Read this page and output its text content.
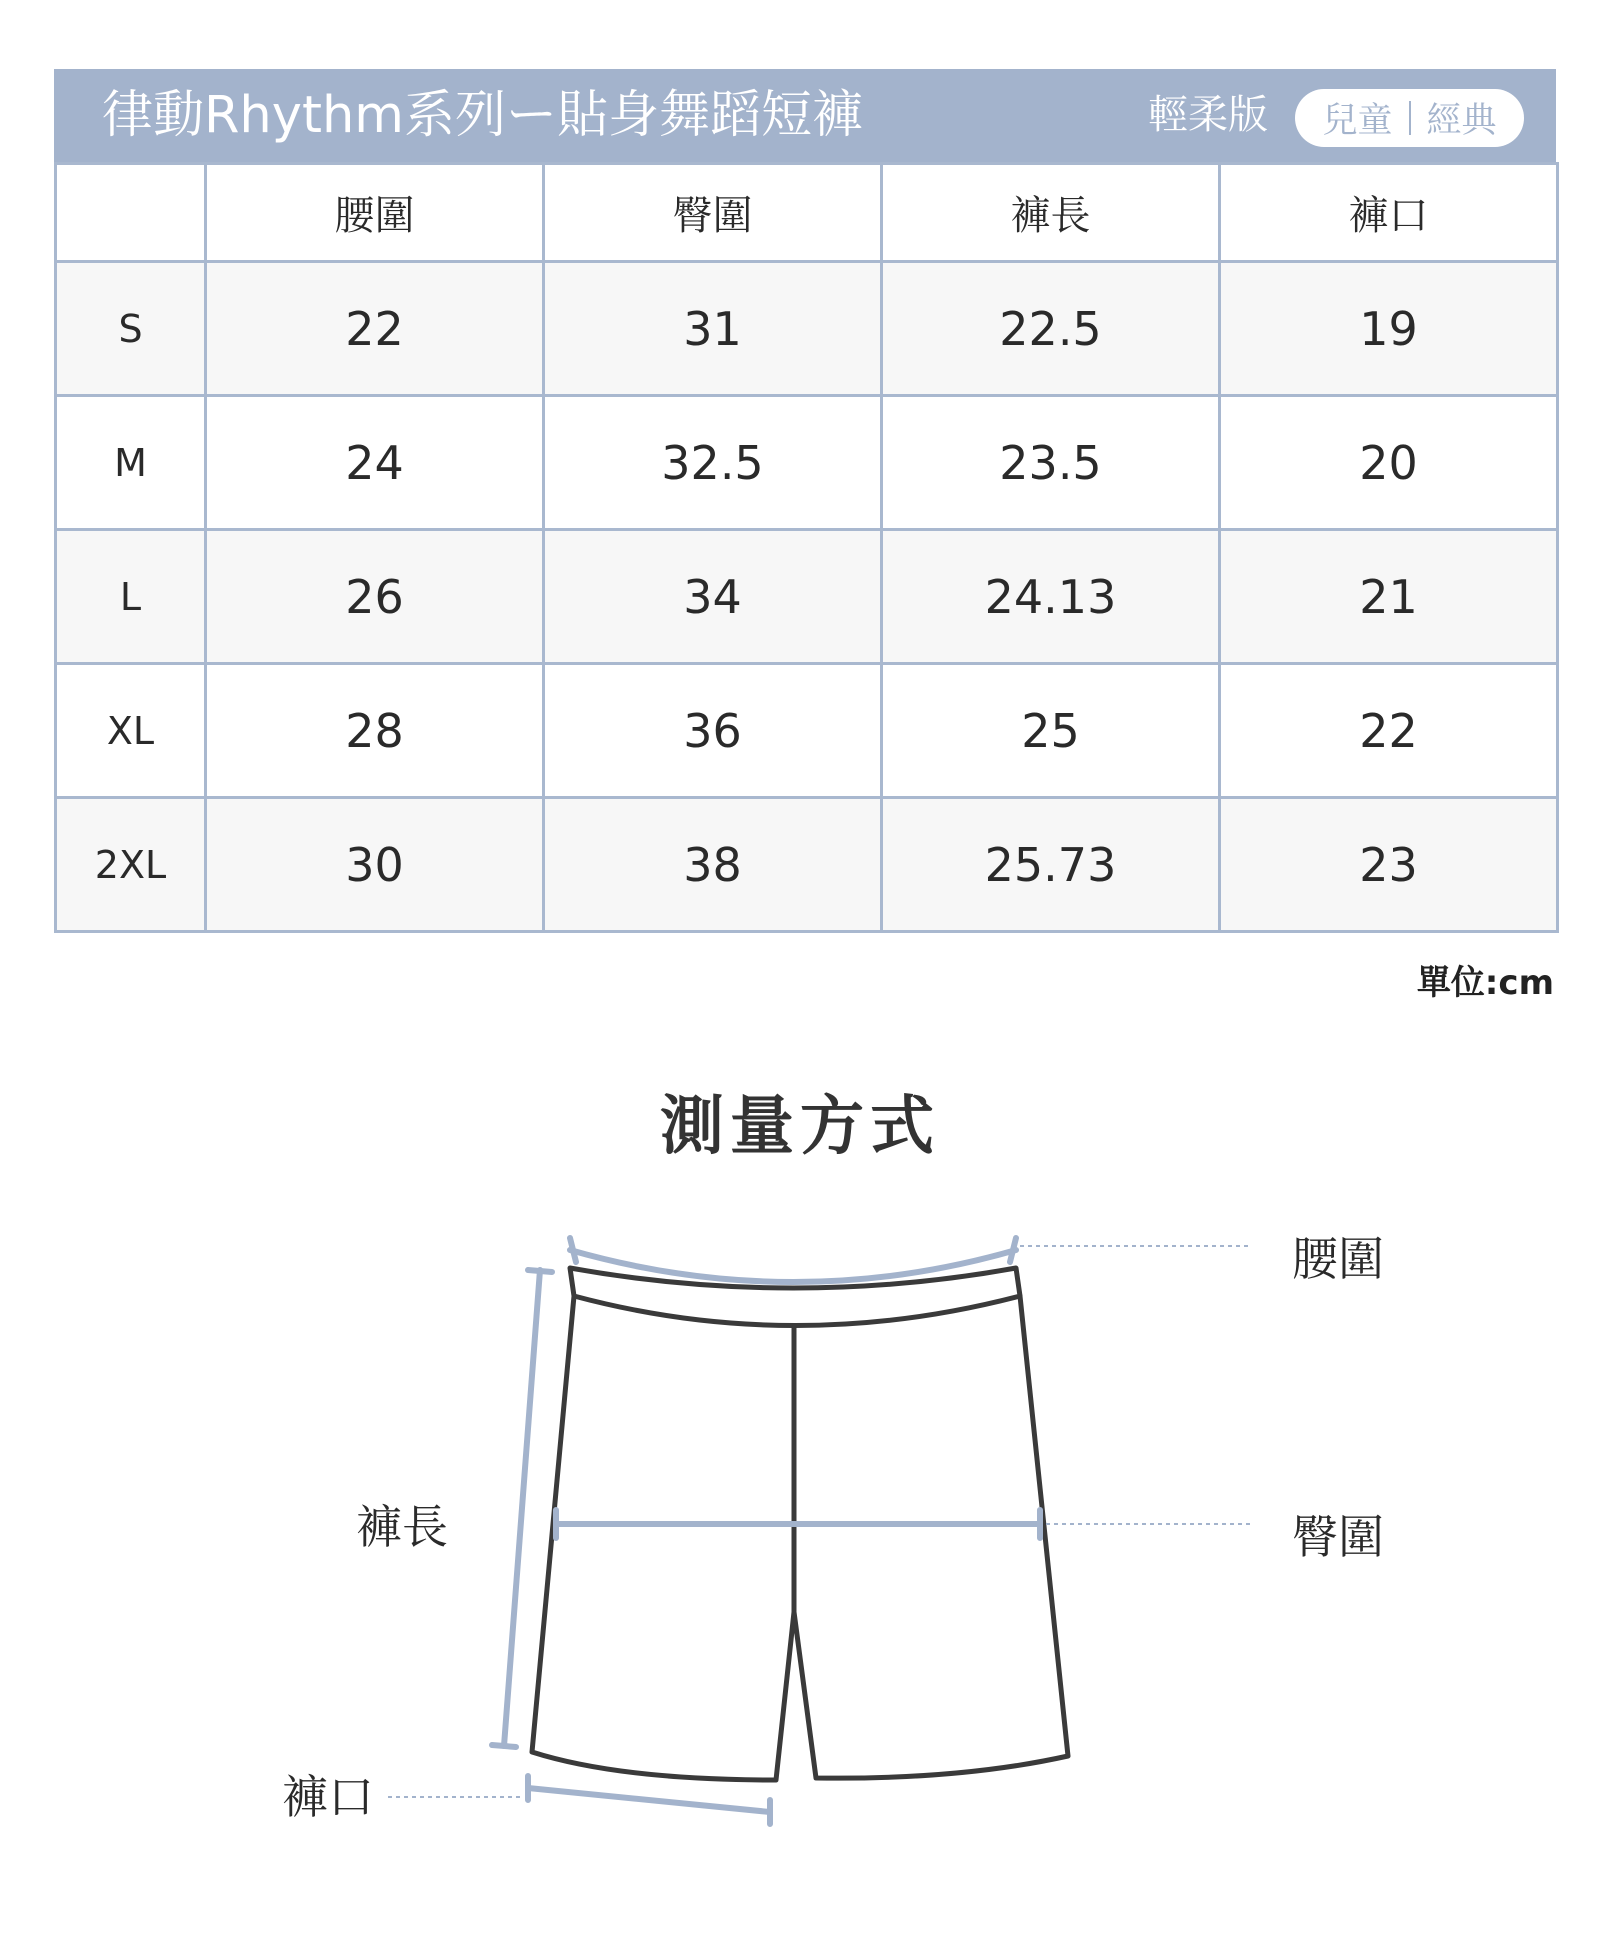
律動Rhythm系列ー貼身舞蹈短褲	輕柔版 兒童 經典
	腰圍	臀圍	褲長	褲口
S	22	31	22.5	19
M	24	32.5	23.5	20
L	26	34	24.13	21
XL	28	36	25	22
2XL	30	38	25.73	23
單位:cm
測量方式
腰圍
臀圍
褲長
褲口
